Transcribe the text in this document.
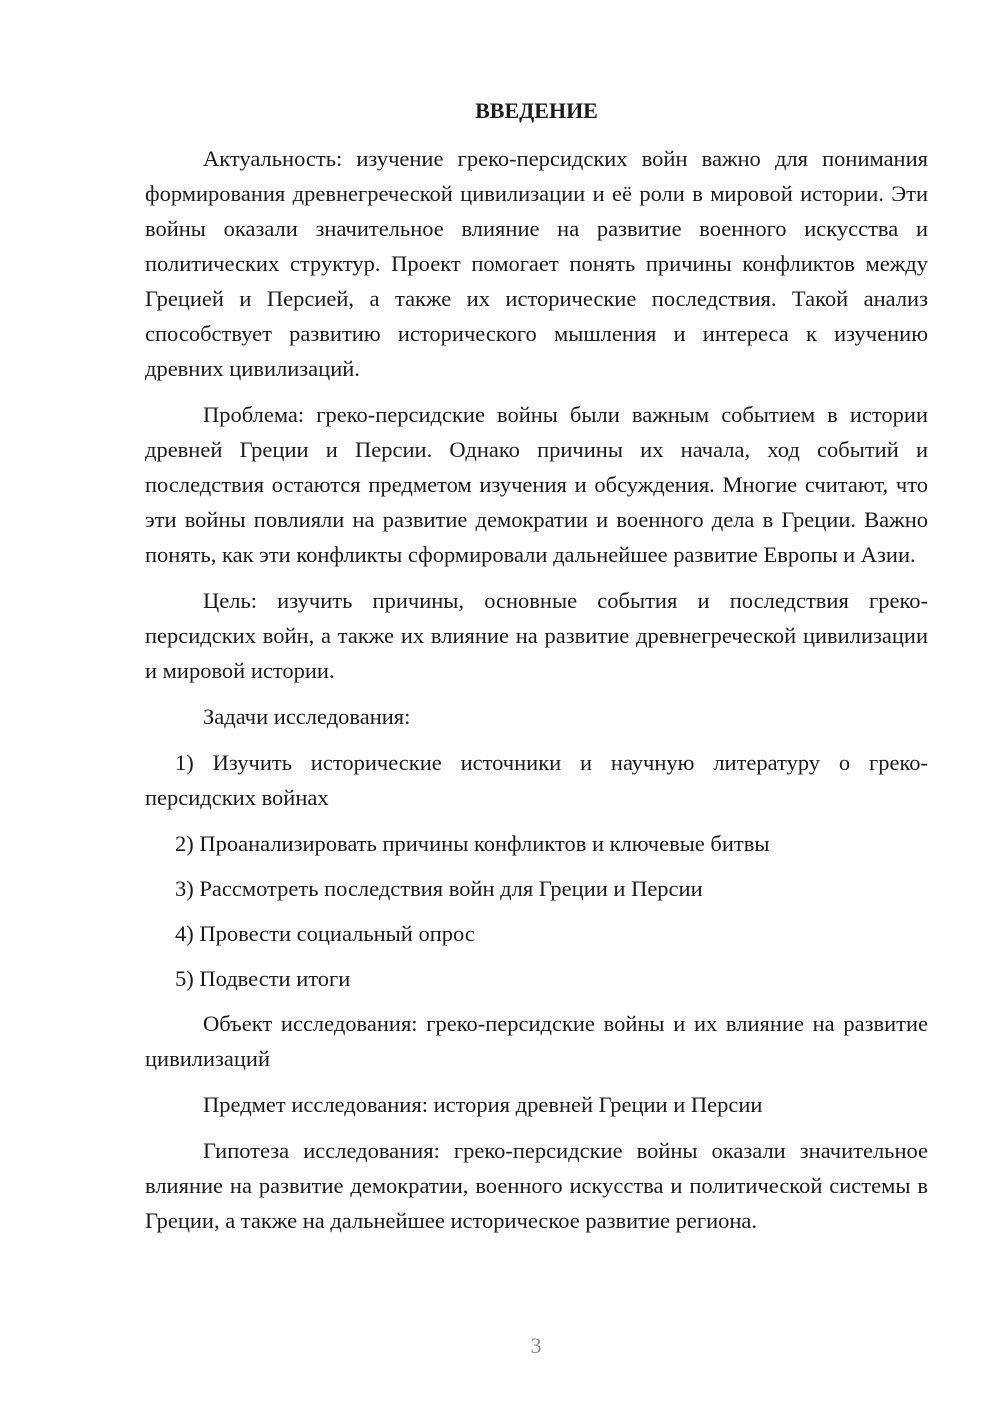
ВВЕДЕНИЕ

Актуальность: изучение греко-персидских войн важно для понимания формирования древнегреческой цивилизации и её роли в мировой истории. Эти войны оказали значительное влияние на развитие военного искусства и политических структур. Проект помогает понять причины конфликтов между Грецией и Персией, а также их исторические последствия. Такой анализ способствует развитию исторического мышления и интереса к изучению древних цивилизаций.

Проблема: греко-персидские войны были важным событием в истории древней Греции и Персии. Однако причины их начала, ход событий и последствия остаются предметом изучения и обсуждения. Многие считают, что эти войны повлияли на развитие демократии и военного дела в Греции. Важно понять, как эти конфликты сформировали дальнейшее развитие Европы и Азии.

Цель: изучить причины, основные события и последствия греко-персидских войн, а также их влияние на развитие древнегреческой цивилизации и мировой истории.

Задачи исследования:

1) Изучить исторические источники и научную литературу о греко-персидских войнах

2) Проанализировать причины конфликтов и ключевые битвы

3) Рассмотреть последствия войн для Греции и Персии

4) Провести социальный опрос

5) Подвести итоги

Объект исследования: греко-персидские войны и их влияние на развитие цивилизаций

Предмет исследования: история древней Греции и Персии

Гипотеза исследования: греко-персидские войны оказали значительное влияние на развитие демократии, военного искусства и политической системы в Греции, а также на дальнейшее историческое развитие региона.

3
